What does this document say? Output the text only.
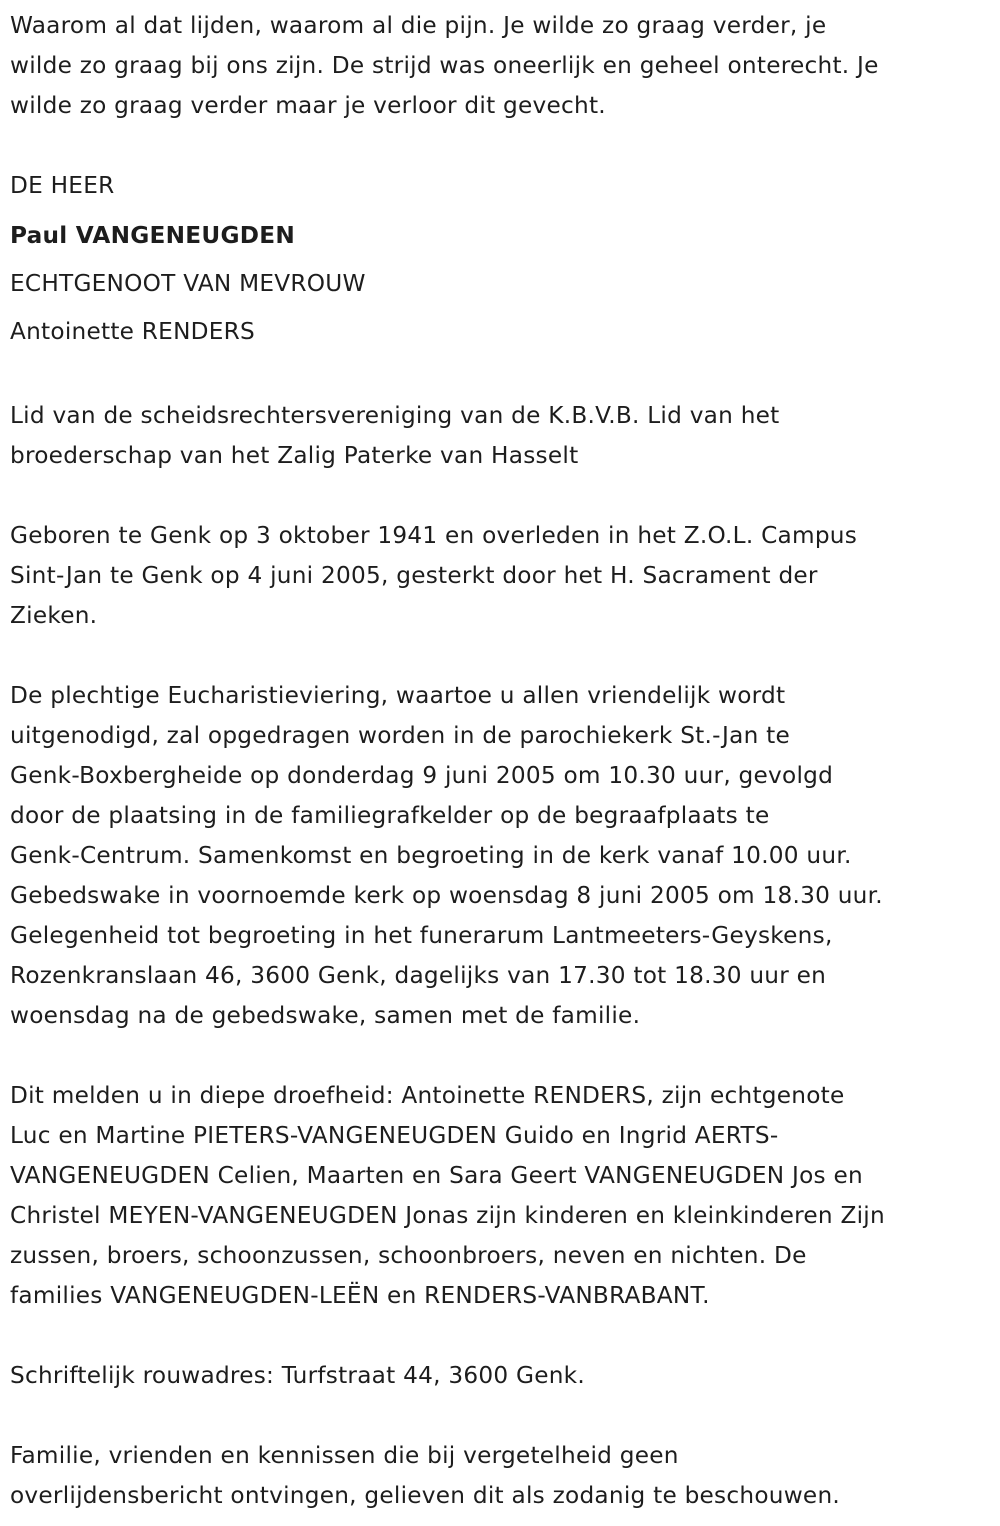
Waarom al dat lijden, waarom al die pijn. Je wilde zo graag verder, je
wilde zo graag bij ons zijn. De strijd was oneerlijk en geheel onterecht. Je
wilde zo graag verder maar je verloor dit gevecht.
DE HEER
Paul VANGENEUGDEN
ECHTGENOOT VAN MEVROUW
Antoinette RENDERS
Lid van de scheidsrechtersvereniging van de K.B.V.B. Lid van het
broederschap van het Zalig Paterke van Hasselt
Geboren te Genk op 3 oktober 1941 en overleden in het Z.O.L. Campus
Sint-Jan te Genk op 4 juni 2005, gesterkt door het H. Sacrament der
Zieken.
De plechtige Eucharistieviering, waartoe u allen vriendelijk wordt
uitgenodigd, zal opgedragen worden in de parochiekerk St.-Jan te
Genk-Boxbergheide op donderdag 9 juni 2005 om 10.30 uur, gevolgd
door de plaatsing in de familiegrafkelder op de begraafplaats te
Genk-Centrum. Samenkomst en begroeting in de kerk vanaf 10.00 uur.
Gebedswake in voornoemde kerk op woensdag 8 juni 2005 om 18.30 uur.
Gelegenheid tot begroeting in het funerarum Lantmeeters-Geyskens,
Rozenkranslaan 46, 3600 Genk, dagelijks van 17.30 tot 18.30 uur en
woensdag na de gebedswake, samen met de familie.
Dit melden u in diepe droefheid: Antoinette RENDERS, zijn echtgenote
Luc en Martine PIETERS-VANGENEUGDEN Guido en Ingrid AERTS-
VANGENEUGDEN Celien, Maarten en Sara Geert VANGENEUGDEN Jos en
Christel MEYEN-VANGENEUGDEN Jonas zijn kinderen en kleinkinderen Zijn
zussen, broers, schoonzussen, schoonbroers, neven en nichten. De
families VANGENEUGDEN-LEËN en RENDERS-VANBRABANT.
Schriftelijk rouwadres: Turfstraat 44, 3600 Genk.
Familie, vrienden en kennissen die bij vergetelheid geen
overlijdensbericht ontvingen, gelieven dit als zodanig te beschouwen.
